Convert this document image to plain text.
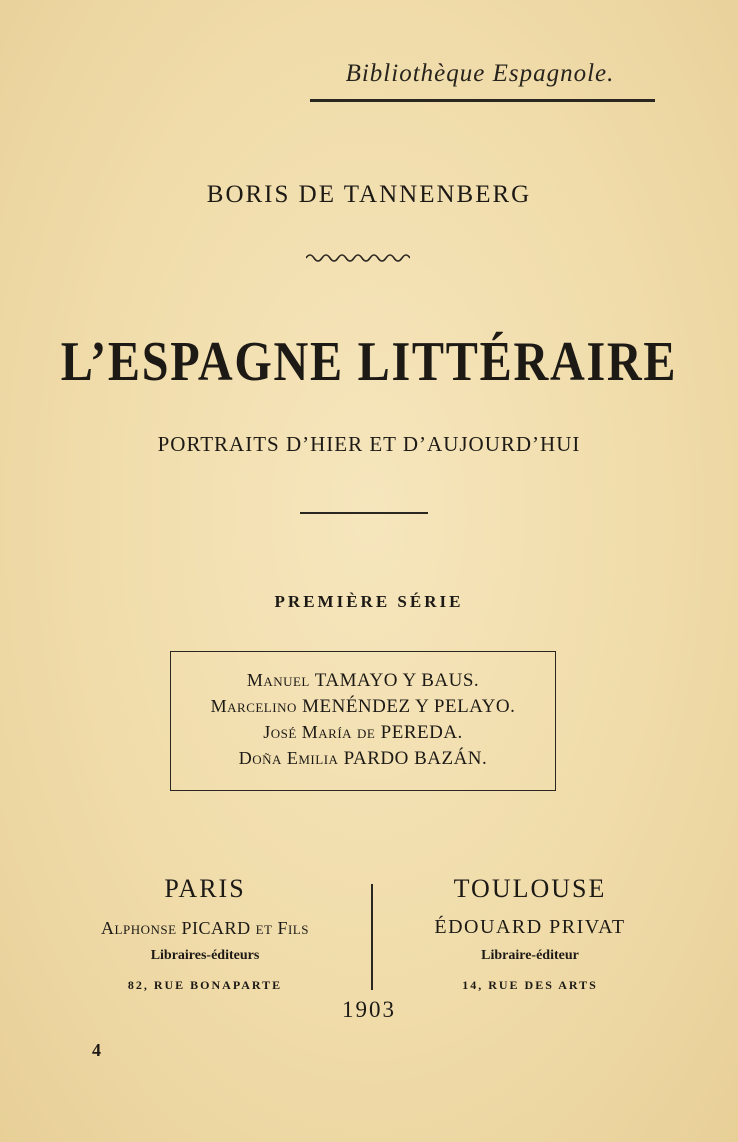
Bibliothèque Espagnole.
BORIS DE TANNENBERG
L’ESPAGNE LITTÉRAIRE
PORTRAITS D’HIER ET D’AUJOURD’HUI
PREMIÈRE SÉRIE
Manuel TAMAYO Y BAUS.
Marcelino MENÉNDEZ Y PELAYO.
José María de PEREDA.
Doña Emilia PARDO BAZÁN.
PARIS
Alphonse PICARD et Fils
Libraires-éditeurs
82, RUE BONAPARTE
TOULOUSE
ÉDOUARD PRIVAT
Libraire-éditeur
14, RUE DES ARTS
1903
4
